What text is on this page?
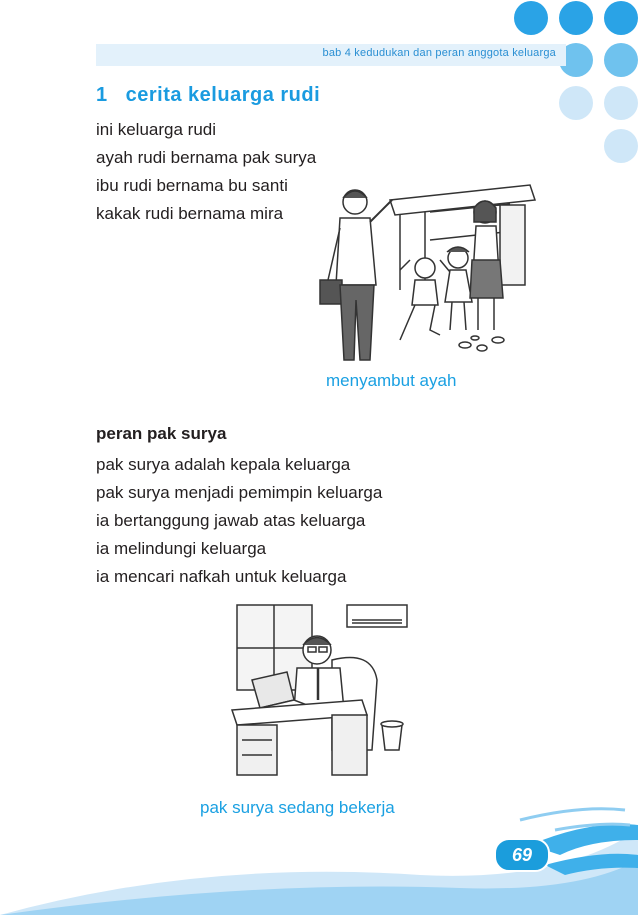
bab 4 kedudukan dan peran anggota keluarga
1 cerita keluarga rudi
ini keluarga rudi
ayah rudi bernama pak surya
ibu rudi bernama bu santi
kakak rudi bernama mira
menyambut ayah
peran pak surya
pak surya adalah kepala keluarga
pak surya menjadi pemimpin keluarga
ia bertanggung jawab atas keluarga
ia melindungi keluarga
ia mencari nafkah untuk keluarga
pak surya sedang bekerja
69
